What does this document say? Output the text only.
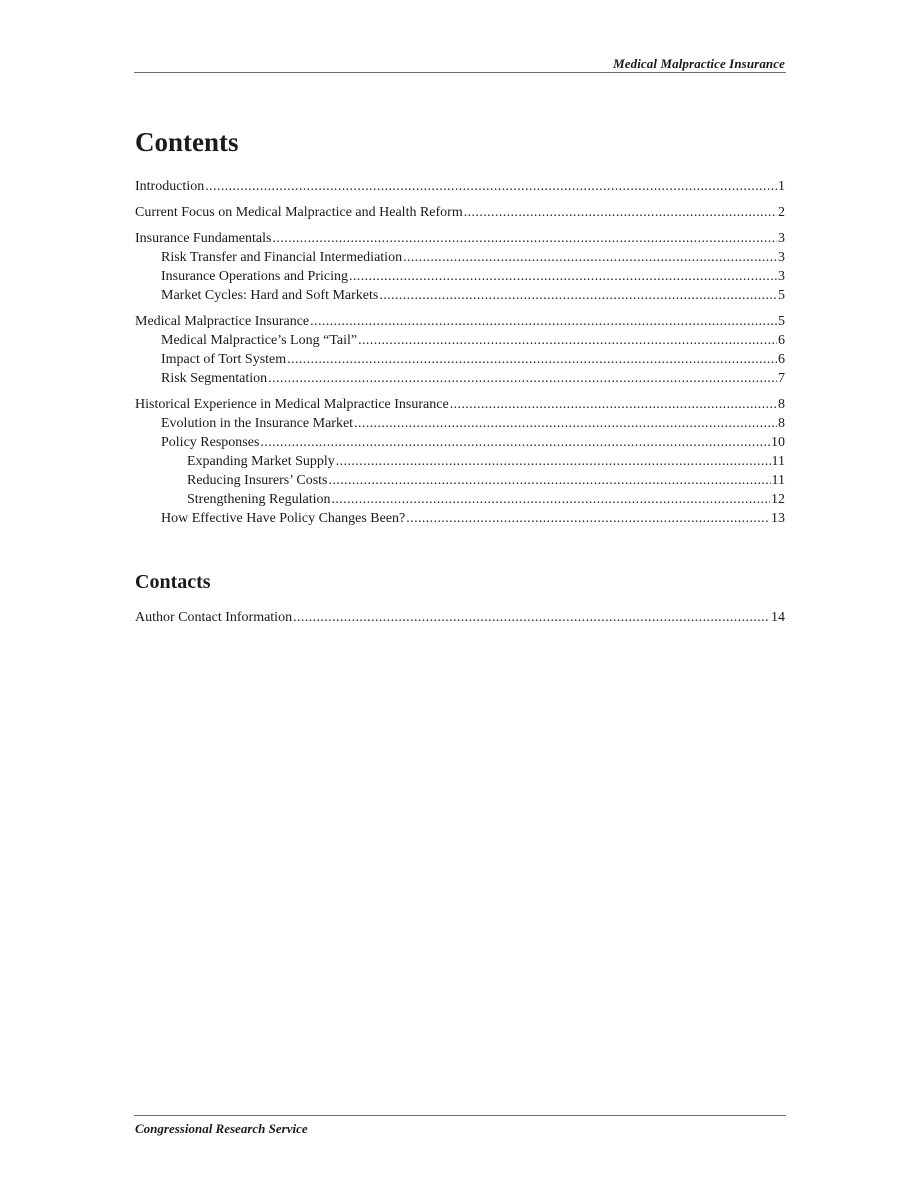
Medical Malpractice Insurance
Contents
Introduction .....	1
Current Focus on Medical Malpractice and Health Reform .....	2
Insurance Fundamentals .....	3
Risk Transfer and Financial Intermediation .....	3
Insurance Operations and Pricing .....	3
Market Cycles: Hard and Soft Markets .....	5
Medical Malpractice Insurance .....	5
Medical Malpractice’s Long “Tail” .....	6
Impact of Tort System .....	6
Risk Segmentation .....	7
Historical Experience in Medical Malpractice Insurance .....	8
Evolution in the Insurance Market .....	8
Policy Responses .....	10
Expanding Market Supply .....	11
Reducing Insurers’ Costs .....	11
Strengthening Regulation .....	12
How Effective Have Policy Changes Been? .....	13
Contacts
Author Contact Information .....	14
Congressional Research Service
